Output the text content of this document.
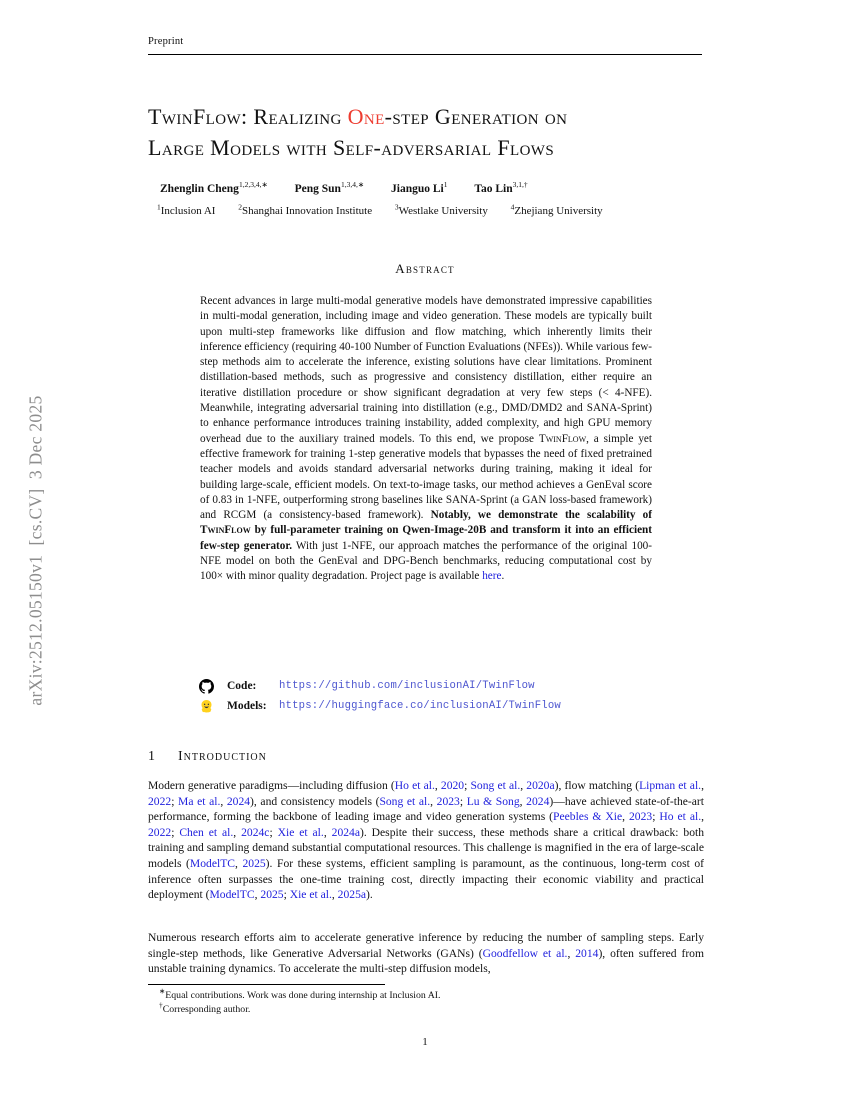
Preprint
TwinFlow: Realizing One-step Generation on
Large Models with Self-adversarial Flows
Zhenglin Cheng$^{1,2,3,4,∗}$ Peng Sun$^{1,3,4,∗}$ Jianguo Li$^1$ Tao Lin$^{3,1,\dagger}$
$^1$Inclusion AI	$^2$Shanghai Innovation Institute	$^3$Westlake University	$^4$Zhejiang University
Abstract
Recent advances in large multi-modal generative models have demonstrated impressive capabilities in multi-modal generation, including image and video generation. These models are typically built upon multi-step frameworks like diffusion and flow matching, which inherently limits their inference efficiency (requiring 40-100 Number of Function Evaluations (NFEs)). While various few-step methods aim to accelerate the inference, existing solutions have clear limitations. Prominent distillation-based methods, such as progressive and consistency distillation, either require an iterative distillation procedure or show significant degradation at very few steps (< 4-NFE). Meanwhile, integrating adversarial training into distillation (e.g., DMD/DMD2 and SANA-Sprint) to enhance performance introduces training instability, added complexity, and high GPU memory overhead due to the auxiliary trained models. To this end, we propose TwinFlow, a simple yet effective framework for training 1-step generative models that bypasses the need of fixed pretrained teacher models and avoids standard adversarial networks during training, making it ideal for building large-scale, efficient models. On text-to-image tasks, our method achieves a GenEval score of 0.83 in 1-NFE, outperforming strong baselines like SANA-Sprint (a GAN loss-based framework) and RCGM (a consistency-based framework). Notably, we demonstrate the scalability of TwinFlow by full-parameter training on Qwen-Image-20B and transform it into an efficient few-step generator. With just 1-NFE, our approach matches the performance of the original 100-NFE model on both the GenEval and DPG-Bench benchmarks, reducing computational cost by 100× with minor quality degradation. Project page is available here.
Code:	https://github.com/inclusionAI/TwinFlow
Models:	https://huggingface.co/inclusionAI/TwinFlow
1 Introduction
Modern generative paradigms—including diffusion (Ho et al., 2020; Song et al., 2020a), flow matching (Lipman et al., 2022; Ma et al., 2024), and consistency models (Song et al., 2023; Lu & Song, 2024)—have achieved state-of-the-art performance, forming the backbone of leading image and video generation systems (Peebles & Xie, 2023; Ho et al., 2022; Chen et al., 2024c; Xie et al., 2024a). Despite their success, these methods share a critical drawback: both training and sampling demand substantial computational resources. This challenge is magnified in the era of large-scale models (ModelTC, 2025). For these systems, efficient sampling is paramount, as the continuous, long-term cost of inference often surpasses the one-time training cost, directly impacting their economic viability and practical deployment (ModelTC, 2025; Xie et al., 2025a).
Numerous research efforts aim to accelerate generative inference by reducing the number of sampling steps. Early single-step methods, like Generative Adversarial Networks (GANs) (Goodfellow et al., 2014), often suffered from unstable training dynamics. To accelerate the multi-step diffusion models,
∗Equal contributions. Work was done during internship at Inclusion AI.
†Corresponding author.
1
arXiv:2512.05150v1  [cs.CV]  3 Dec 2025
